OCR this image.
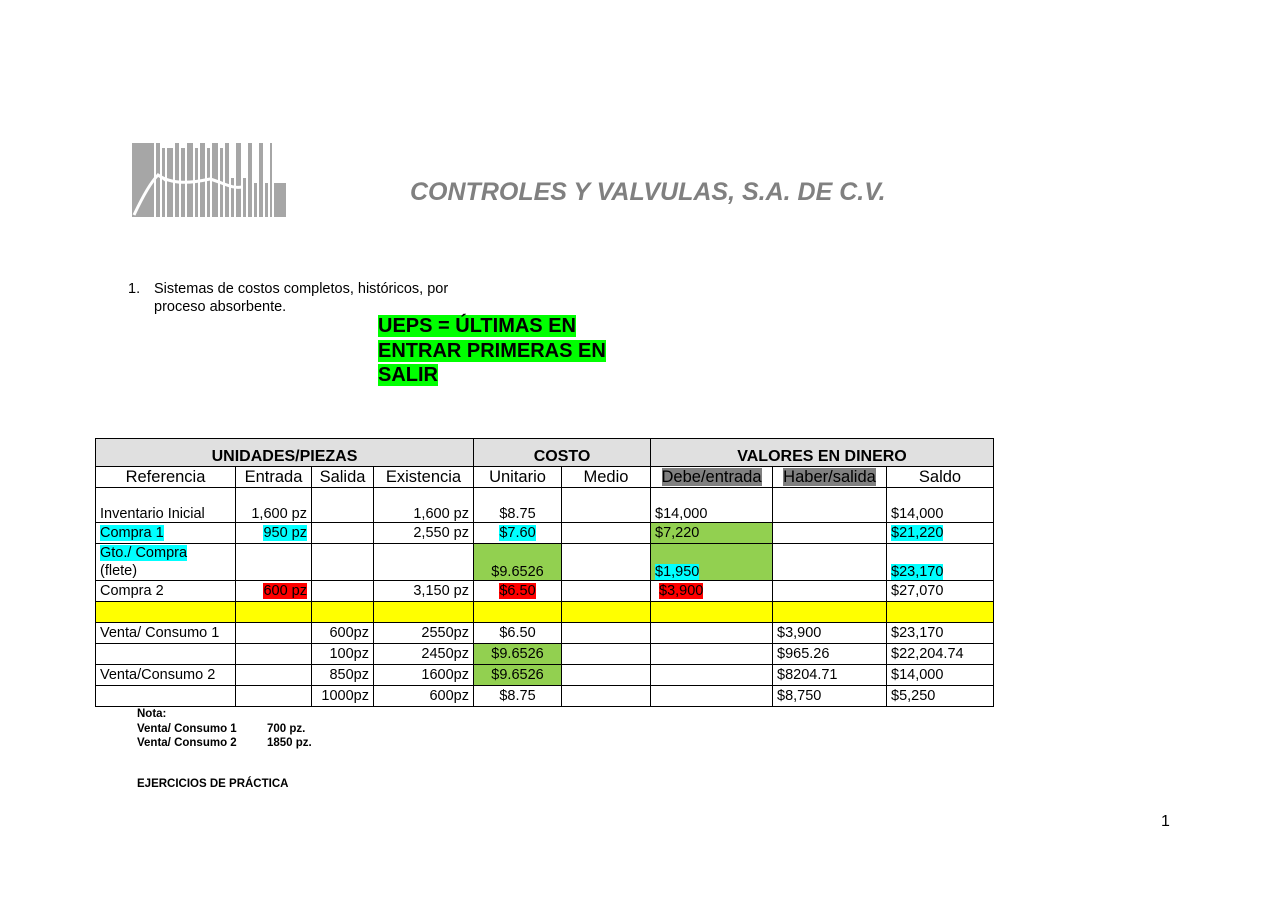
CONTROLES Y VALVULAS, S.A. DE C.V.
1. Sistemas de costos completos, históricos, por proceso absorbente.
UEPS = ÚLTIMAS EN ENTRAR PRIMERAS EN SALIR
UNIDADES/PIEZAS				COSTO		VALORES EN DINERO		
Referencia	Entrada	Salida	Existencia	Unitario	Medio	Debe/entrada	Haber/salida	Saldo
Inventario Inicial	1,600 pz		1,600 pz	$8.75		$14,000		$14,000
Compra 1	950 pz		2,550 pz	$7.60		$7,220		$21,220
Gto./ Compra
(flete)				$9.6526		$1,950		$23,170
Compra 2	600 pz		3,150 pz	$6.50		$3,900		$27,070

Venta/ Consumo 1		600pz	2550pz	$6.50			$3,900	$23,170
		100pz	2450pz	$9.6526			$965.26	$22,204.74
Venta/Consumo 2		850pz	1600pz	$9.6526			$8204.71	$14,000
		1000pz	600pz	$8.75			$8,750	$5,250
Nota:
Venta/ Consumo 1	700 pz.
Venta/ Consumo 2	1850 pz.
EJERCICIOS DE PRÁCTICA
1
